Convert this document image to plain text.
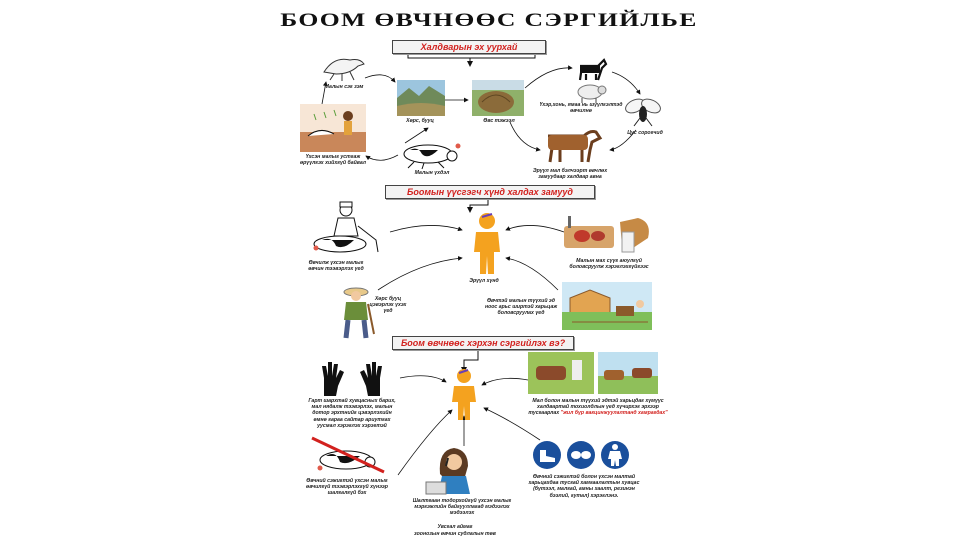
БООМ ӨВЧНӨӨС СЭРГИЙЛЬЕ
Халдварын эх уурхай
Боомын үүсгэгч хүнд халдах замууд
Боом өвчнөөс хэрхэн сэргийлэх вэ?
Малын сэг зэм
Хөрс, бууц	Өвс тэжээл
Үхэр,хонь, ямаа нь шүүлгэлтэд өвчилнө
Цус сорогчид
Эрүүл мал бэлчээрт өвчлөх замуудаар халдвар авна
Малын үхдэл
Үхсэн малыг устгаж өрүүлгэх хийхгүй байвал
Өвчилж үхсэн малыг өвчин тээвэрлэх үед
Эрүүл хүнд
Малын мах сүүг аюулгүй боловсруулж хэрэглэхгүйгээс
Хөрс бууц цэвэрлэх үхэх үед
Өвчтэй малын түүхий эд ноос арьс ширтэй харьцаж боловсруулах үед
Гарт шархтай хувцасных барих, мал нядалж тээвэрлэх, малын дотор эрхтнийг цэвэрлэхийн өмнө гараа сайтар ариутгах уусмал хэрэглэх хэрэгтэй
Мал болон малын түүхий эдтэй харьцдаг хүмүүс халдвартай тохиолдлын үед хүчирхэг эрхээр тусгаарлах "жил бүр вакцинжуулалтанд хамрагдах"
Өвчний сэжигтэй үхсэн малыг өвчилгүй тээвэрлэхгүй хүнээр шалгалгүй бэх
Шалтгаан тодорхойгүй үхсэн малыг мэргэжлийн байгууллагад мэдээлэх мэдээлэх
Өвчний сэжигтэй болон үхсэн малтай харьцахдаа тусгай хамгаалалтын хувцас (бүтээл, малгай, амны хаалт, резинэн бээлий, гутал) хэрэглэнэ.
Увсгал аймаг
зоонозын өвчин судлалын төв
